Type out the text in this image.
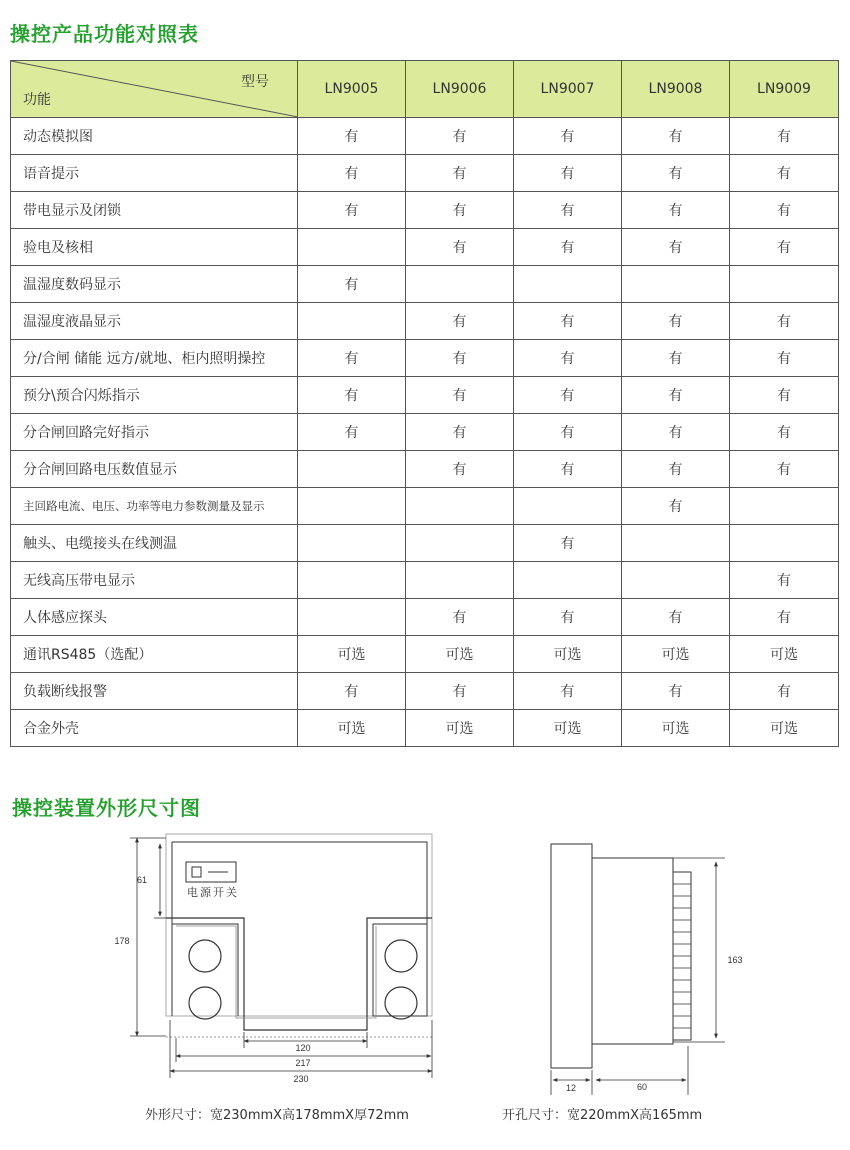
操控产品功能对照表
型号
功能	LN9005	LN9006	LN9007	LN9008	LN9009
动态模拟图	有	有	有	有	有
语音提示	有	有	有	有	有
带电显示及闭锁	有	有	有	有	有
验电及核相		有	有	有	有
温湿度数码显示	有				
温湿度液晶显示		有	有	有	有
分/合闸 储能 远方/就地、柜内照明操控	有	有	有	有	有
预分\预合闪烁指示	有	有	有	有	有
分合闸回路完好指示	有	有	有	有	有
分合闸回路电压数值显示		有	有	有	有
主回路电流、电压、功率等电力参数测量及显示				有	
触头、电缆接头在线测温			有		
无线高压带电显示					有
人体感应探头		有	有	有	有
通讯RS485（选配）	可选	可选	可选	可选	可选
负载断线报警	有	有	有	有	有
合金外壳	可选	可选	可选	可选	可选
操控装置外形尺寸图
电源开关
61
178
120
217
230
163
12	60
外形尺寸：宽230mmX高178mmX厚72mm	开孔尺寸：宽220mmX高165mm
